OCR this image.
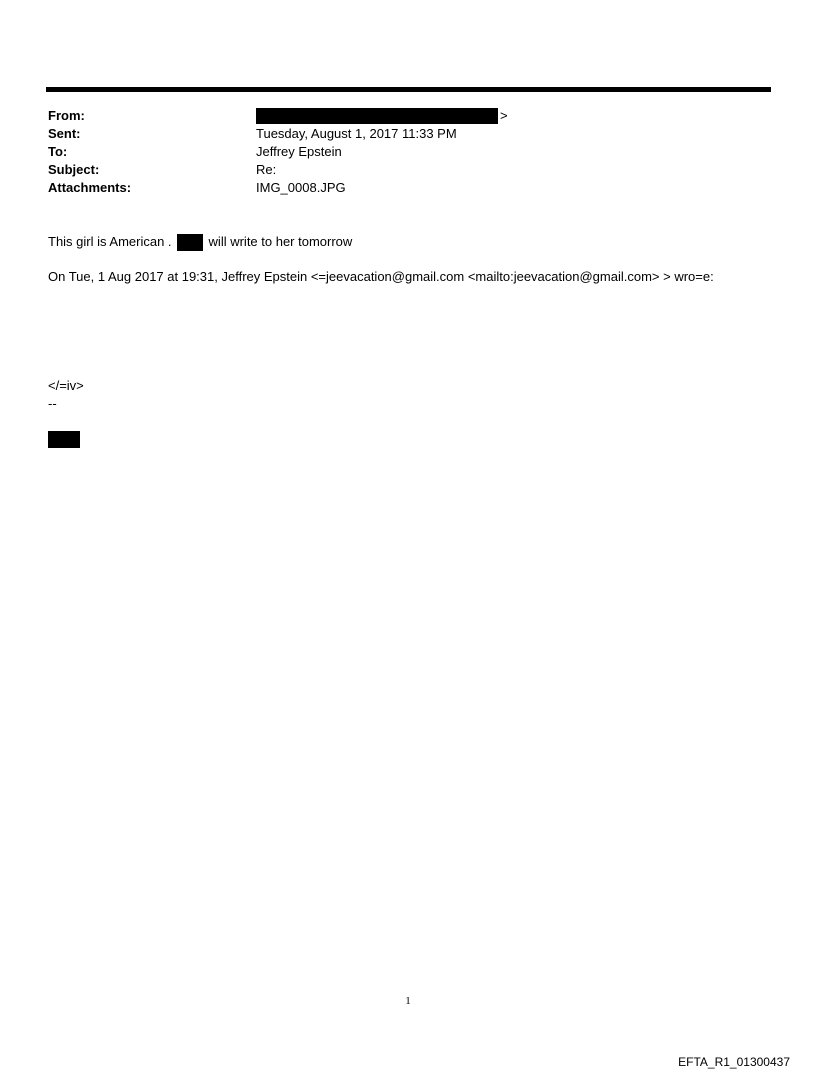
From:	>
Sent:	Tuesday, August 1, 2017 11:33 PM
To:	Jeffrey Epstein
Subject:	Re:
Attachments:	IMG_0008.JPG
This girl is American .	will write to her tomorrow
On Tue, 1 Aug 2017 at 19:31, Jeffrey Epstein <=jeevacation@gmail.com <mailto:jeevacation@gmail.com> > wro=e:
</=iv>
--
1
EFTA_R1_01300437
